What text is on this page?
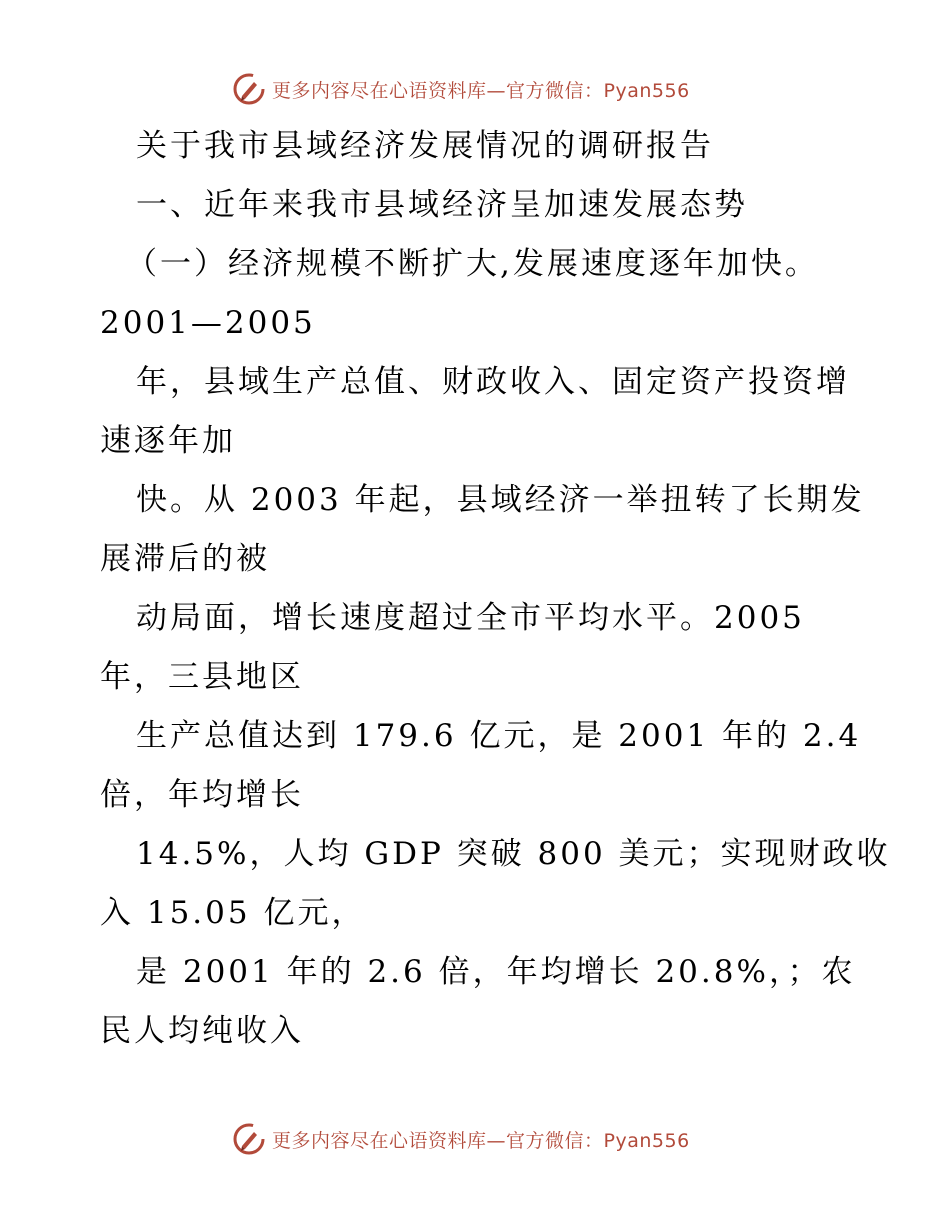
更多内容尽在心语资料库—官方微信：Pyan556
关于我市县域经济发展情况的调研报告
一、近年来我市县域经济呈加速发展态势
（一）经济规模不断扩大,发展速度逐年加快。
2001—2005
年，县域生产总值、财政收入、固定资产投资增
速逐年加
快。从 2003 年起，县域经济一举扭转了长期发
展滞后的被
动局面，增长速度超过全市平均水平。2005
年，三县地区
生产总值达到 179.6 亿元，是 2001 年的 2.4
倍，年均增长
14.5%，人均 GDP 突破 800 美元；实现财政收
入 15.05 亿元，
是 2001 年的 2.6 倍，年均增长 20.8%，；农
民人均纯收入
更多内容尽在心语资料库—官方微信：Pyan556
